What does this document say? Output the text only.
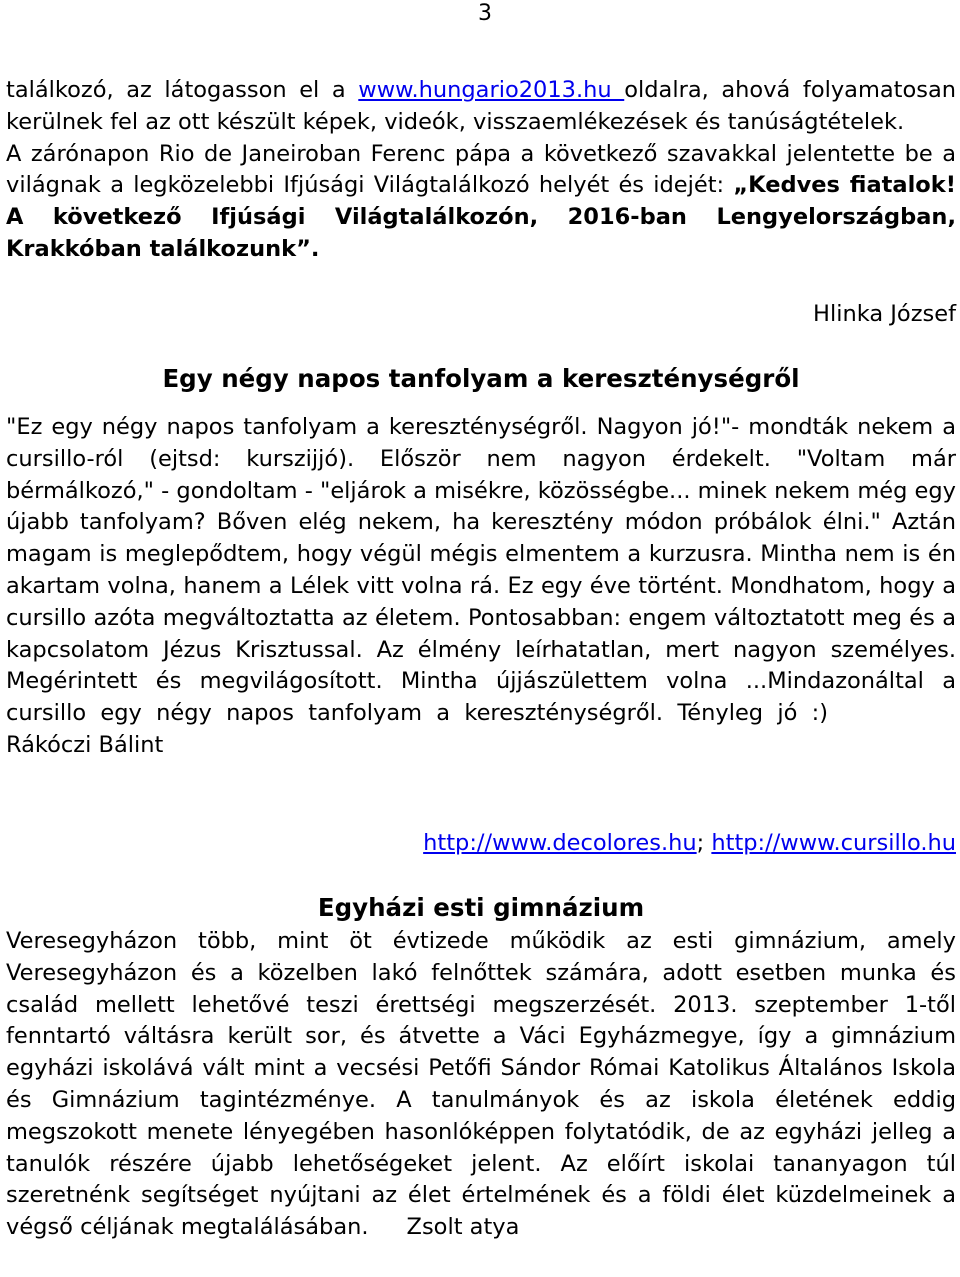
3
találkozó, az látogasson el a www.hungario2013.hu oldalra, ahová folyamatosan kerülnek fel az ott készült képek, videók, visszaemlékezések és tanúságtételek.
A zárónapon Rio de Janeiroban Ferenc pápa a következő szavakkal jelentette be a világnak a legközelebbi Ifjúsági Világtalálkozó helyét és idejét: „Kedves fiatalok! A következő Ifjúsági Világtalálkozón, 2016-ban Lengyelországban, Krakkóban találkozunk”.
Hlinka József
Egy négy napos tanfolyam a kereszténységről
"Ez egy négy napos tanfolyam a kereszténységről. Nagyon jó!"- mondták nekem a cursillo-ról (ejtsd: kurszijjó). Először nem nagyon érdekelt. "Voltam már bérmálkozó," - gondoltam - "eljárok a misékre, közösségbe... minek nekem még egy újabb tanfolyam? Bőven elég nekem, ha keresztény módon próbálok élni." Aztán magam is meglepődtem, hogy végül mégis elmentem a kurzusra. Mintha nem is én akartam volna, hanem a Lélek vitt volna rá. Ez egy éve történt. Mondhatom, hogy a cursillo azóta megváltoztatta az életem. Pontosabban: engem változtatott meg és a kapcsolatom Jézus Krisztussal. Az élmény leírhatatlan, mert nagyon személyes. Megérintett és megvilágosított. Mintha újjászülettem volna ...Mindazonáltal a cursillo egy négy napos tanfolyam a kereszténységről. Tényleg jó :)Rákóczi Bálint
http://www.decolores.hu; http://www.cursillo.hu
Egyházi esti gimnázium
Veresegyházon több, mint öt évtizede működik az esti gimnázium, amely Veresegyházon és a közelben lakó felnőttek számára, adott esetben munka és család mellett lehetővé teszi érettségi megszerzését. 2013. szeptember 1-től fenntartó váltásra került sor, és átvette a Váci Egyházmegye, így a gimnázium egyházi iskolává vált mint a vecsési Petőfi Sándor Római Katolikus Általános Iskola és Gimnázium tagintézménye. A tanulmányok és az iskola életének eddig megszokott menete lényegében hasonlóképpen folytatódik, de az egyházi jelleg a tanulók részére újabb lehetőségeket jelent. Az előírt iskolai tananyagon túl szeretnénk segítséget nyújtani az élet értelmének és a földi élet küzdelmeinek a végső céljának megtalálásában. Zsolt atya
